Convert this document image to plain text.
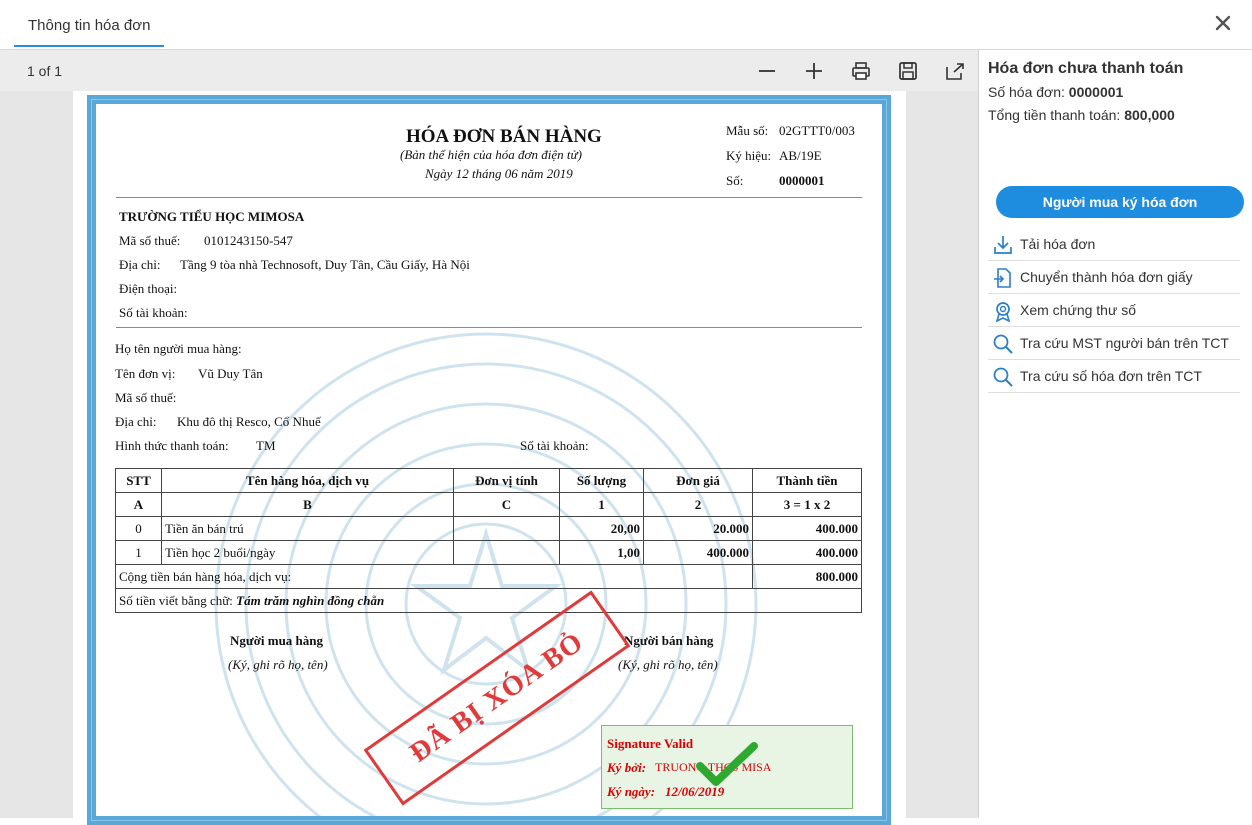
Thông tin hóa đơn
1 of 1
HÓA ĐƠN BÁN HÀNG
(Bản thể hiện của hóa đơn điện tử)
Ngày 12 tháng 06 năm 2019
Mẫu số: 02GTTT0/003
Ký hiệu: AB/19E
Số:	0000001
TRƯỜNG TIỂU HỌC MIMOSA
Mã số thuế: 0101243150-547
Địa chỉ: Tầng 9 tòa nhà Technosoft, Duy Tân, Cầu Giấy, Hà Nội
Điện thoại:
Số tài khoản:
Họ tên người mua hàng:
Tên đơn vị: Vũ Duy Tân
Mã số thuế:
Địa chỉ: Khu đô thị Resco, Cổ Nhuế
Hình thức thanh toán: TM	Số tài khoản:
STT	Tên hàng hóa, dịch vụ	Đơn vị tính	Số lượng	Đơn giá	Thành tiền
A	B	C	1	2	3 = 1 x 2
0	Tiền ăn bán trú		20,00	20.000	400.000
1	Tiền học 2 buổi/ngày		1,00	400.000	400.000
Cộng tiền bán hàng hóa, dịch vụ:					800.000
Số tiền viết bằng chữ: Tám trăm nghìn đồng chẵn					
Người mua hàng
(Ký, ghi rõ họ, tên)
Người bán hàng
(Ký, ghi rõ họ, tên)
ĐÃ BỊ XÓA BỎ	Signature Valid
Ký bởi: TRUONG THCS MISA
Ký ngày: 12/06/2019
Hóa đơn chưa thanh toán
Số hóa đơn: 0000001
Tổng tiền thanh toán: 800,000
Người mua ký hóa đơn
Tải hóa đơn
Chuyển thành hóa đơn giấy
Xem chứng thư số
Tra cứu MST người bán trên TCT
Tra cứu số hóa đơn trên TCT
